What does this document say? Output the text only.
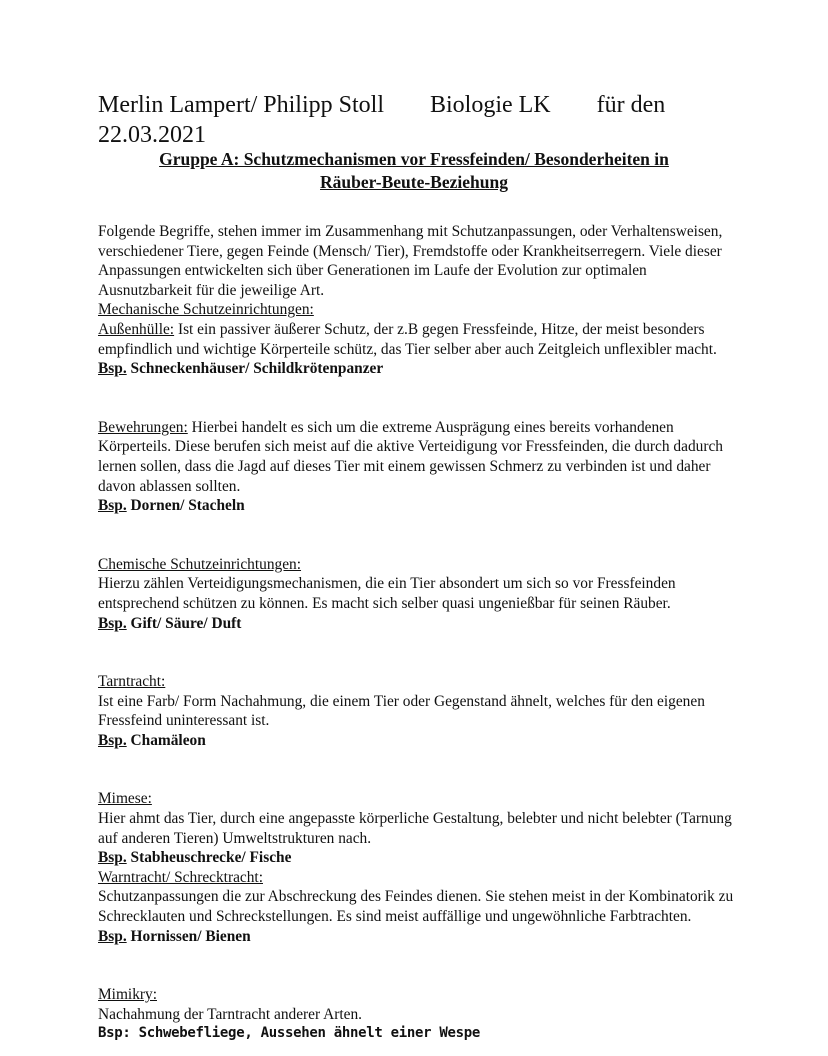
Merlin Lampert/ Philipp Stoll Biologie LK für den
22.03.2021
Gruppe A: Schutzmechanismen vor Fressfeinden/ Besonderheiten in
Räuber-Beute-Beziehung

Folgende Begriffe, stehen immer im Zusammenhang mit Schutzanpassungen, oder Verhaltensweisen, verschiedener Tiere, gegen Feinde (Mensch/ Tier), Fremdstoffe oder Krankheitserregern. Viele dieser Anpassungen entwickelten sich über Generationen im Laufe der Evolution zur optimalen Ausnutzbarkeit für die jeweilige Art.

Mechanische Schutzeinrichtungen:

Außenhülle: Ist ein passiver äußerer Schutz, der z.B gegen Fressfeinde, Hitze, der meist besonders empfindlich und wichtige Körperteile schütz, das Tier selber aber auch Zeitgleich unflexibler macht.

Bsp. Schneckenhäuser/ Schildkrötenpanzer

Bewehrungen: Hierbei handelt es sich um die extreme Ausprägung eines bereits vorhandenen Körperteils. Diese berufen sich meist auf die aktive Verteidigung vor Fressfeinden, die durch dadurch lernen sollen, dass die Jagd auf dieses Tier mit einem gewissen Schmerz zu verbinden ist und daher davon ablassen sollten.

Bsp. Dornen/ Stacheln

Chemische Schutzeinrichtungen:

Hierzu zählen Verteidigungsmechanismen, die ein Tier absondert um sich so vor Fressfeinden entsprechend schützen zu können. Es macht sich selber quasi ungenießbar für seinen Räuber.

Bsp. Gift/ Säure/ Duft

Tarntracht:

Ist eine Farb/ Form Nachahmung, die einem Tier oder Gegenstand ähnelt, welches für den eigenen Fressfeind uninteressant ist.

Bsp. Chamäleon

Mimese:

Hier ahmt das Tier, durch eine angepasste körperliche Gestaltung, belebter und nicht belebter (Tarnung auf anderen Tieren) Umweltstrukturen nach.

Bsp. Stabheuschrecke/ Fische

Warntracht/ Schrecktracht:

Schutzanpassungen die zur Abschreckung des Feindes dienen. Sie stehen meist in der Kombinatorik zu Schrecklauten und Schreckstellungen. Es sind meist auffällige und ungewöhnliche Farbtrachten.

Bsp. Hornissen/ Bienen

Mimikry:

Nachahmung der Tarntracht anderer Arten.

Bsp: Schwebefliege, Aussehen ähnelt einer Wespe
